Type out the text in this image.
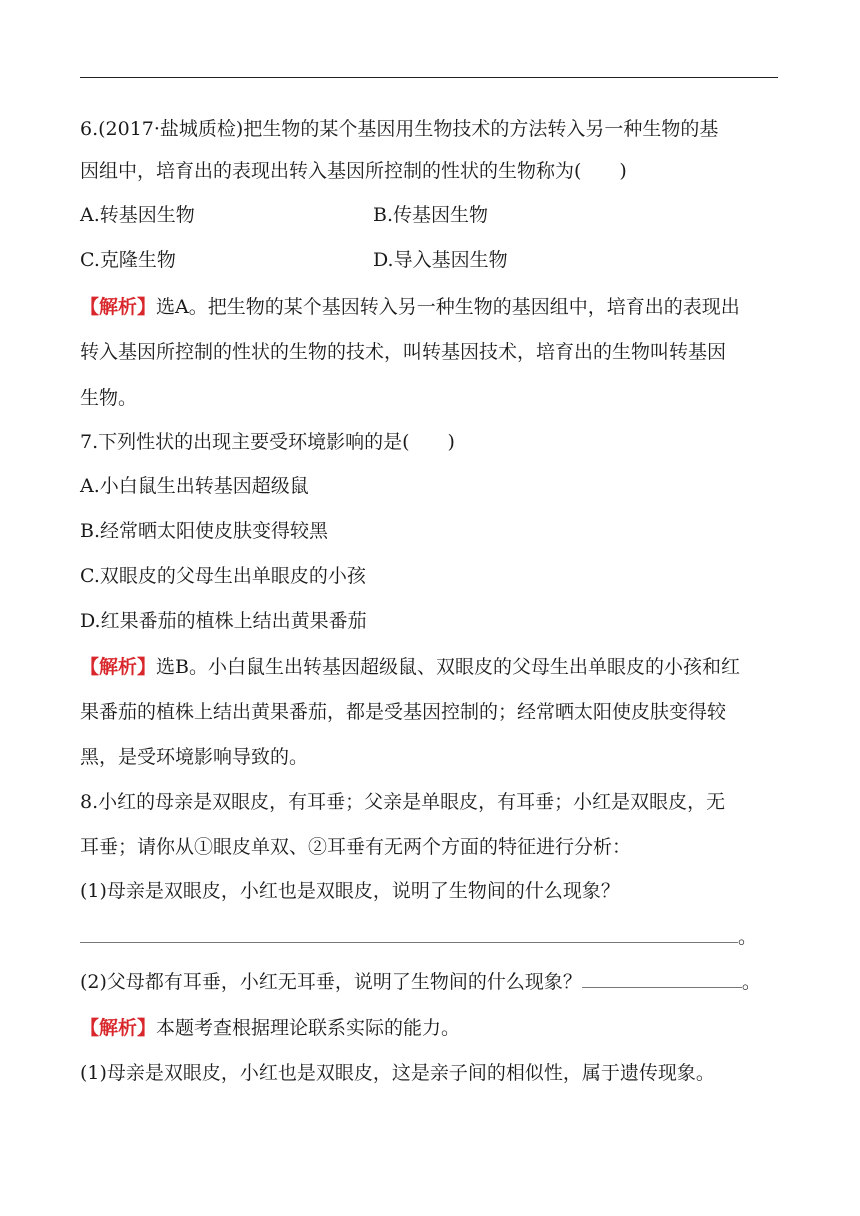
6.(2017·盐城质检)把生物的某个基因用生物技术的方法转入另一种生物的基
因组中，培育出的表现出转入基因所控制的性状的生物称为(　　)
A.转基因生物	B.传基因生物
C.克隆生物	D.导入基因生物
【解析】选A。把生物的某个基因转入另一种生物的基因组中，培育出的表现出
转入基因所控制的性状的生物的技术，叫转基因技术，培育出的生物叫转基因
生物。
7.下列性状的出现主要受环境影响的是(　　)
A.小白鼠生出转基因超级鼠
B.经常晒太阳使皮肤变得较黑
C.双眼皮的父母生出单眼皮的小孩
D.红果番茄的植株上结出黄果番茄
【解析】选B。小白鼠生出转基因超级鼠、双眼皮的父母生出单眼皮的小孩和红
果番茄的植株上结出黄果番茄，都是受基因控制的；经常晒太阳使皮肤变得较
黑，是受环境影响导致的。
8.小红的母亲是双眼皮，有耳垂；父亲是单眼皮，有耳垂；小红是双眼皮，无
耳垂；请你从①眼皮单双、②耳垂有无两个方面的特征进行分析：
(1)母亲是双眼皮，小红也是双眼皮，说明了生物间的什么现象？
。
(2)父母都有耳垂，小红无耳垂，说明了生物间的什么现象？	。
【解析】本题考查根据理论联系实际的能力。
(1)母亲是双眼皮，小红也是双眼皮，这是亲子间的相似性，属于遗传现象。
